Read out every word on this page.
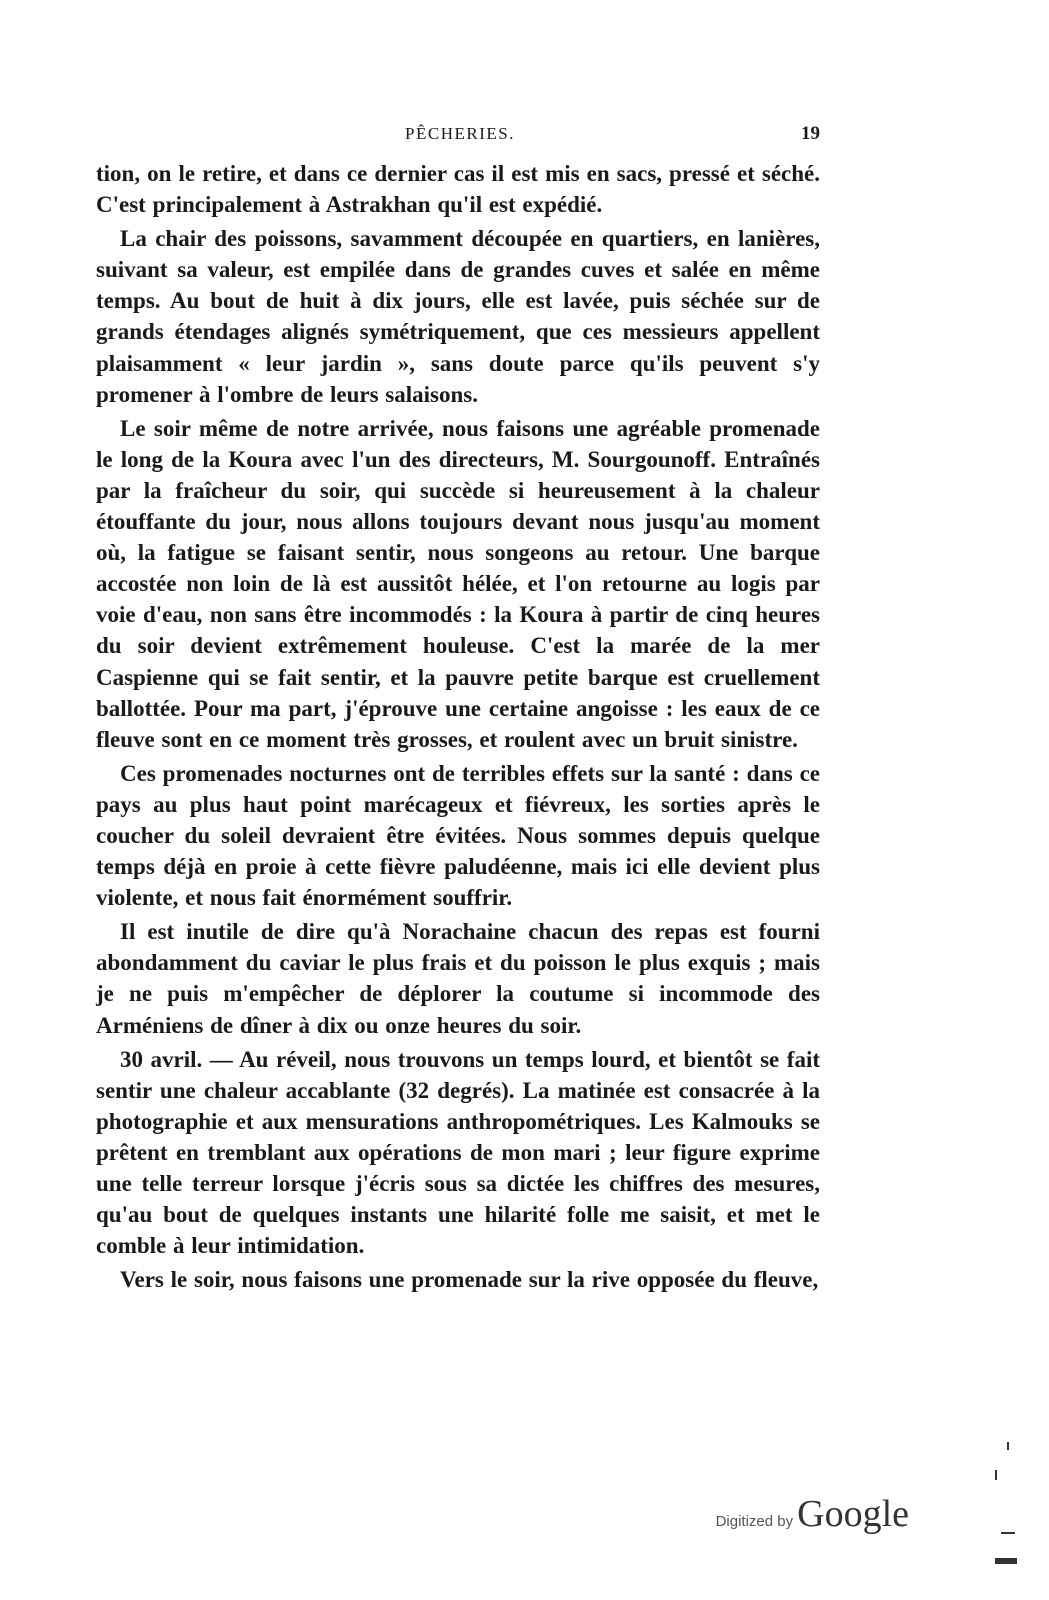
PÊCHERIES.	19

tion, on le retire, et dans ce dernier cas il est mis en sacs, pressé et séché. C'est principalement à Astrakhan qu'il est expédié.

La chair des poissons, savamment découpée en quartiers, en lanières, suivant sa valeur, est empilée dans de grandes cuves et salée en même temps. Au bout de huit à dix jours, elle est lavée, puis séchée sur de grands étendages alignés symétriquement, que ces messieurs appellent plaisamment « leur jardin », sans doute parce qu'ils peuvent s'y promener à l'ombre de leurs salaisons.

Le soir même de notre arrivée, nous faisons une agréable promenade le long de la Koura avec l'un des directeurs, M. Sourgounoff. Entraînés par la fraîcheur du soir, qui succède si heureusement à la chaleur étouffante du jour, nous allons toujours devant nous jusqu'au moment où, la fatigue se faisant sentir, nous songeons au retour. Une barque accostée non loin de là est aussitôt hélée, et l'on retourne au logis par voie d'eau, non sans être incommodés : la Koura à partir de cinq heures du soir devient extrêmement houleuse. C'est la marée de la mer Caspienne qui se fait sentir, et la pauvre petite barque est cruellement ballottée. Pour ma part, j'éprouve une certaine angoisse : les eaux de ce fleuve sont en ce moment très grosses, et roulent avec un bruit sinistre.

Ces promenades nocturnes ont de terribles effets sur la santé : dans ce pays au plus haut point marécageux et fiévreux, les sorties après le coucher du soleil devraient être évitées. Nous sommes depuis quelque temps déjà en proie à cette fièvre paludéenne, mais ici elle devient plus violente, et nous fait énormément souffrir.

Il est inutile de dire qu'à Norachaine chacun des repas est fourni abondamment du caviar le plus frais et du poisson le plus exquis ; mais je ne puis m'empêcher de déplorer la coutume si incommode des Arméniens de dîner à dix ou onze heures du soir.

30 avril. — Au réveil, nous trouvons un temps lourd, et bientôt se fait sentir une chaleur accablante (32 degrés). La matinée est consacrée à la photographie et aux mensurations anthropométriques. Les Kalmouks se prêtent en tremblant aux opérations de mon mari ; leur figure exprime une telle terreur lorsque j'écris sous sa dictée les chiffres des mesures, qu'au bout de quelques instants une hilarité folle me saisit, et met le comble à leur intimidation.

Vers le soir, nous faisons une promenade sur la rive opposée du fleuve,

Digitized by Google
